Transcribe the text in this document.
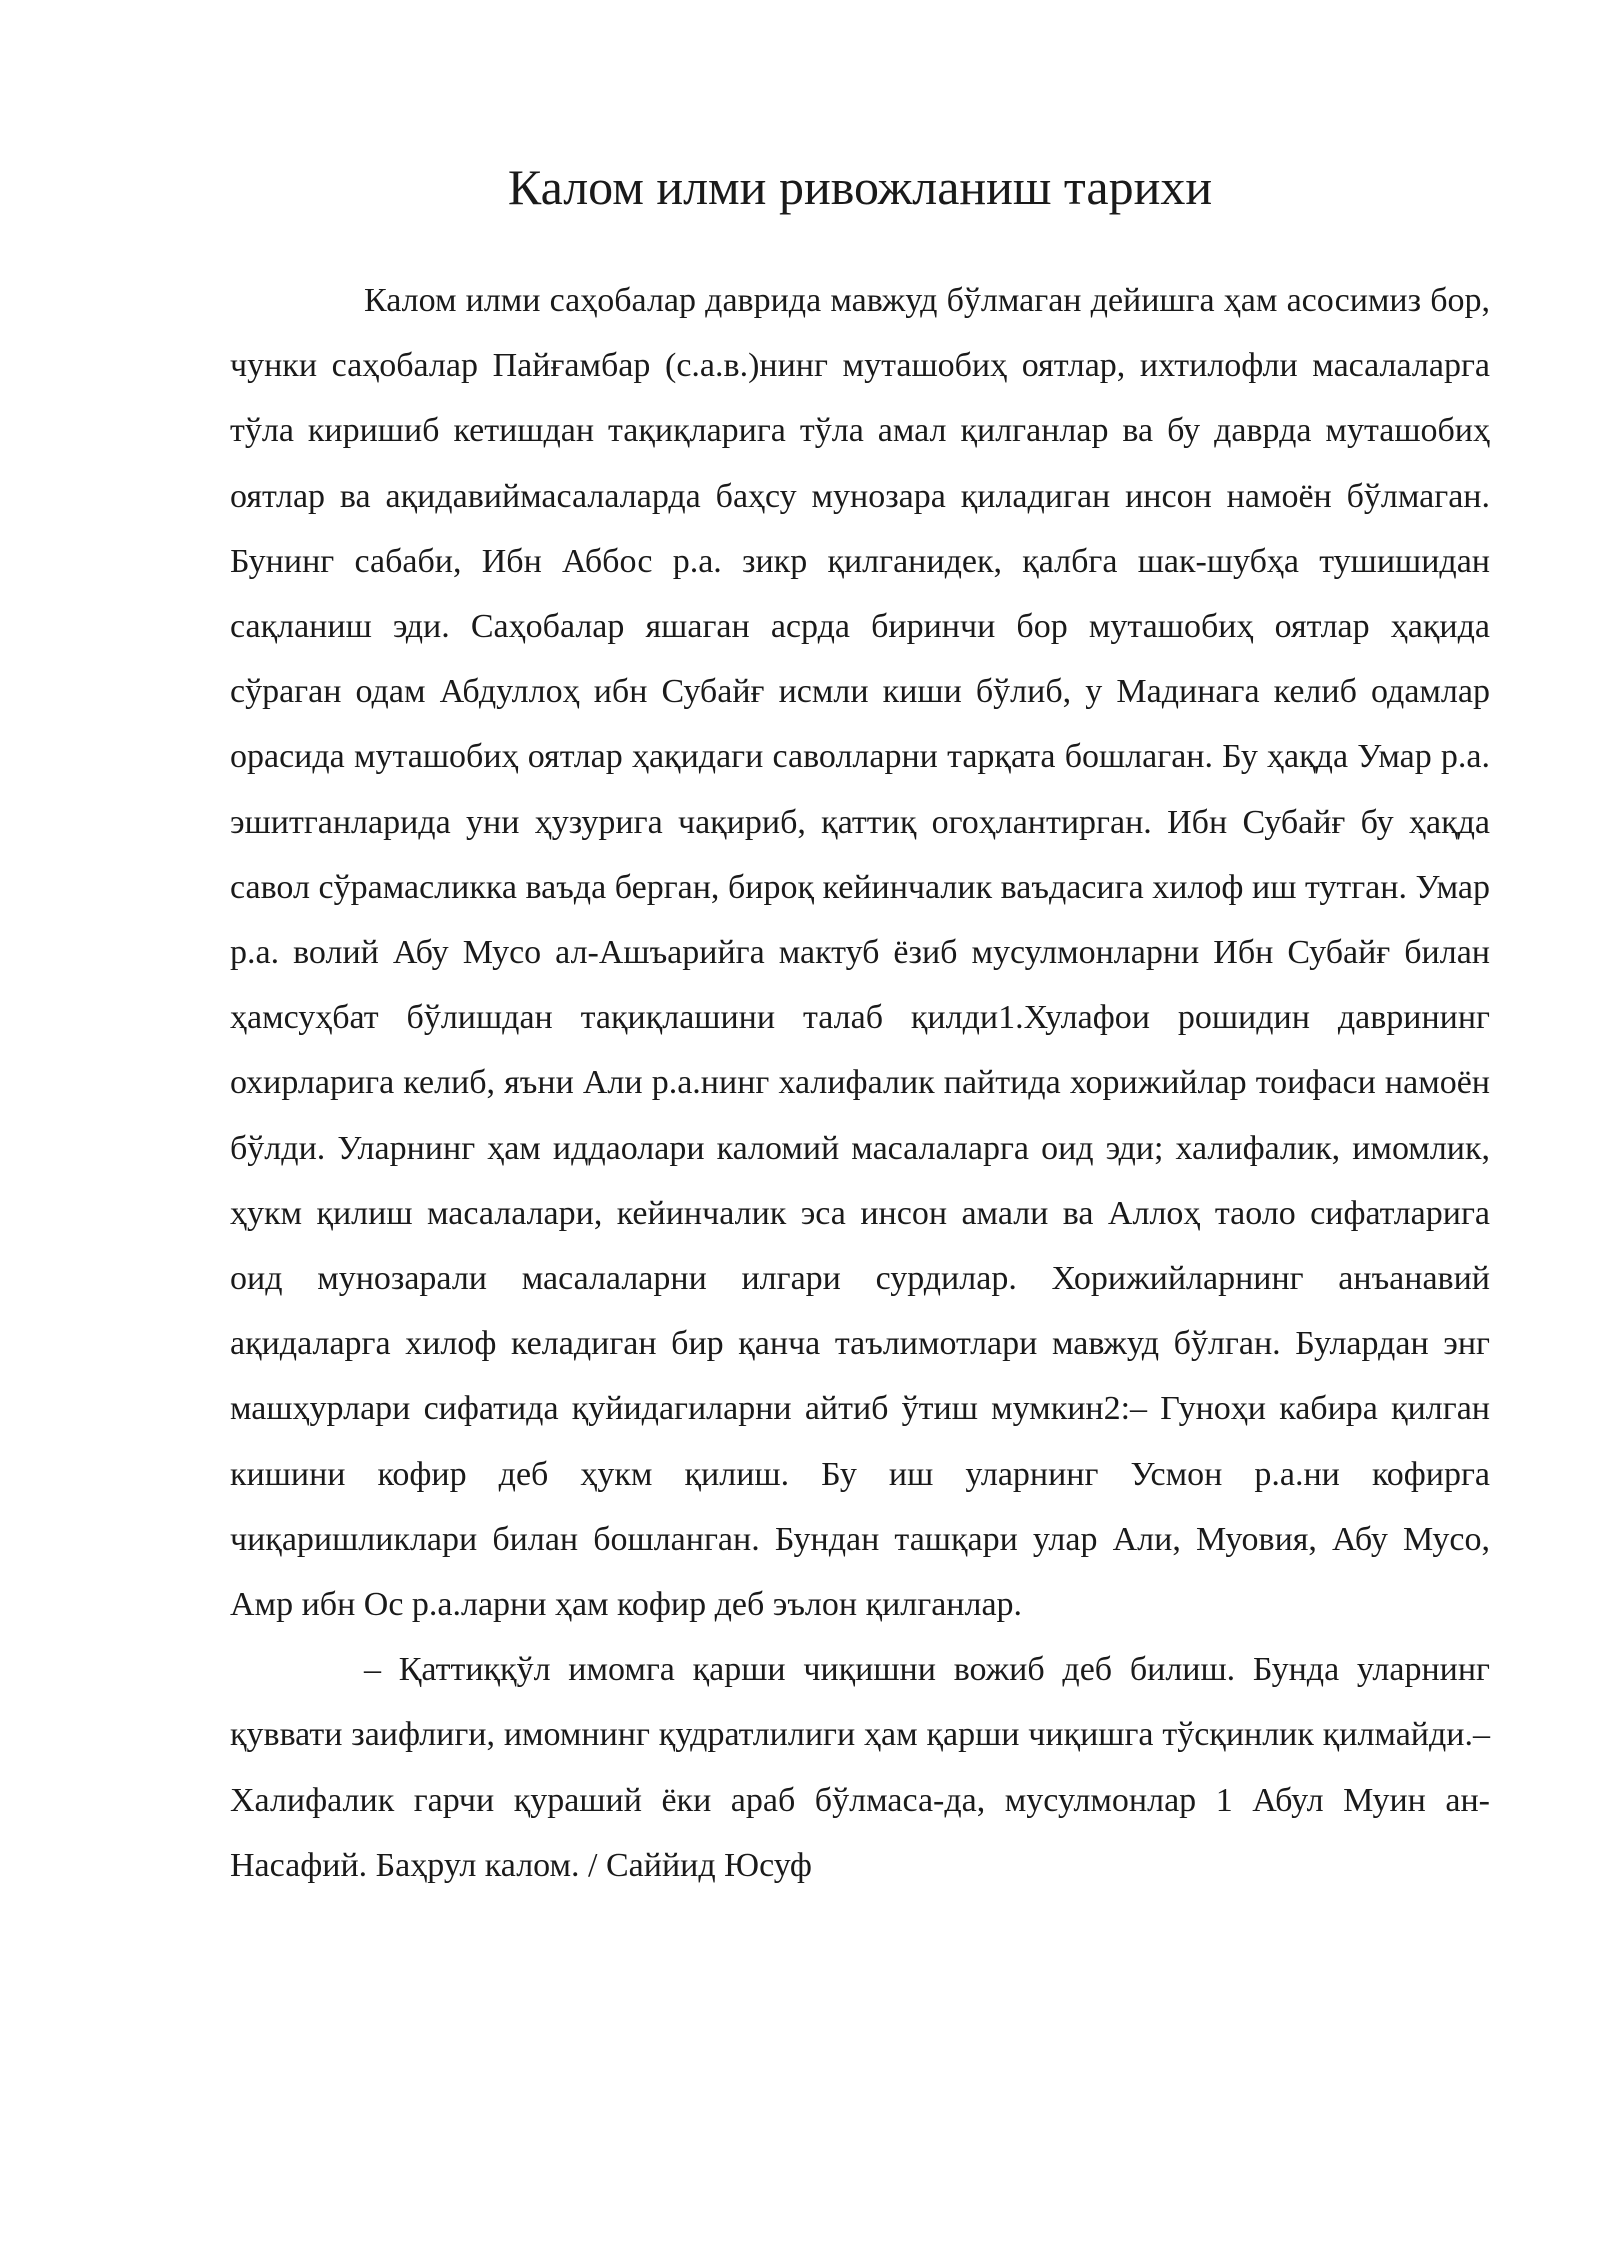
Калом илми ривожланиш тарихи

Калом илми саҳобалар даврида мавжуд бўлмаган дейишга ҳам асосимиз бор, чунки саҳобалар Пайғамбар (с.а.в.)нинг муташобиҳ оятлар, ихтилофли масалаларга тўла киришиб кетишдан тақиқларига тўла амал қилганлар ва бу даврда муташобиҳ оятлар ва ақидавиймасалаларда баҳсу мунозара қиладиган инсон намоён бўлмаган. Бунинг сабаби, Ибн Аббос р.а. зикр қилганидек, қалбга шак-шубҳа тушишидан сақланиш эди. Саҳобалар яшаган асрда биринчи бор муташобиҳ оятлар ҳақида сўраган одам Абдуллоҳ ибн Субайғ исмли киши бўлиб, у Мадинага келиб одамлар орасида муташобиҳ оятлар ҳақидаги саволларни тарқата бошлаган. Бу ҳақда Умар р.а. эшитганларида уни ҳузурига чақириб, қаттиқ огоҳлантирган. Ибн Субайғ бу ҳақда савол сўрамасликка ваъда берган, бироқ кейинчалик ваъдасига хилоф иш тутган. Умар р.а. волий Абу Мусо ал-Ашъарийга мактуб ёзиб мусулмонларни Ибн Субайғ билан ҳамсуҳбат бўлишдан тақиқлашини талаб қилди1.Хулафои рошидин даврининг охирларига келиб, яъни Али р.а.нинг халифалик пайтида хорижийлар тоифаси намоён бўлди. Уларнинг ҳам иддаолари каломий масалаларга оид эди; халифалик, имомлик, ҳукм қилиш масалалари, кейинчалик эса инсон амали ва Аллоҳ таоло сифатларига оид мунозарали масалаларни илгари сурдилар. Хорижийларнинг анъанавий ақидаларга хилоф келадиган бир қанча таълимотлари мавжуд бўлган. Булардан энг машҳурлари сифатида қуйидагиларни айтиб ўтиш мумкин2:– Гуноҳи кабира қилган кишини кофир деб ҳукм қилиш. Бу иш уларнинг Усмон р.а.ни кофирга чиқаришликлари билан бошланган. Бундан ташқари улар Али, Муовия, Абу Мусо, Амр ибн Ос р.а.ларни ҳам кофир деб эълон қилганлар.

– Қаттиққўл имомга қарши чиқишни вожиб деб билиш. Бунда уларнинг қуввати заифлиги, имомнинг қудратлилиги ҳам қарши чиқишга тўсқинлик қилмайди.– Халифалик гарчи қураший ёки араб бўлмаса-да, мусулмонлар 1 Абул Муин ан-Насафий. Баҳрул калом. / Саййид Юсуф
